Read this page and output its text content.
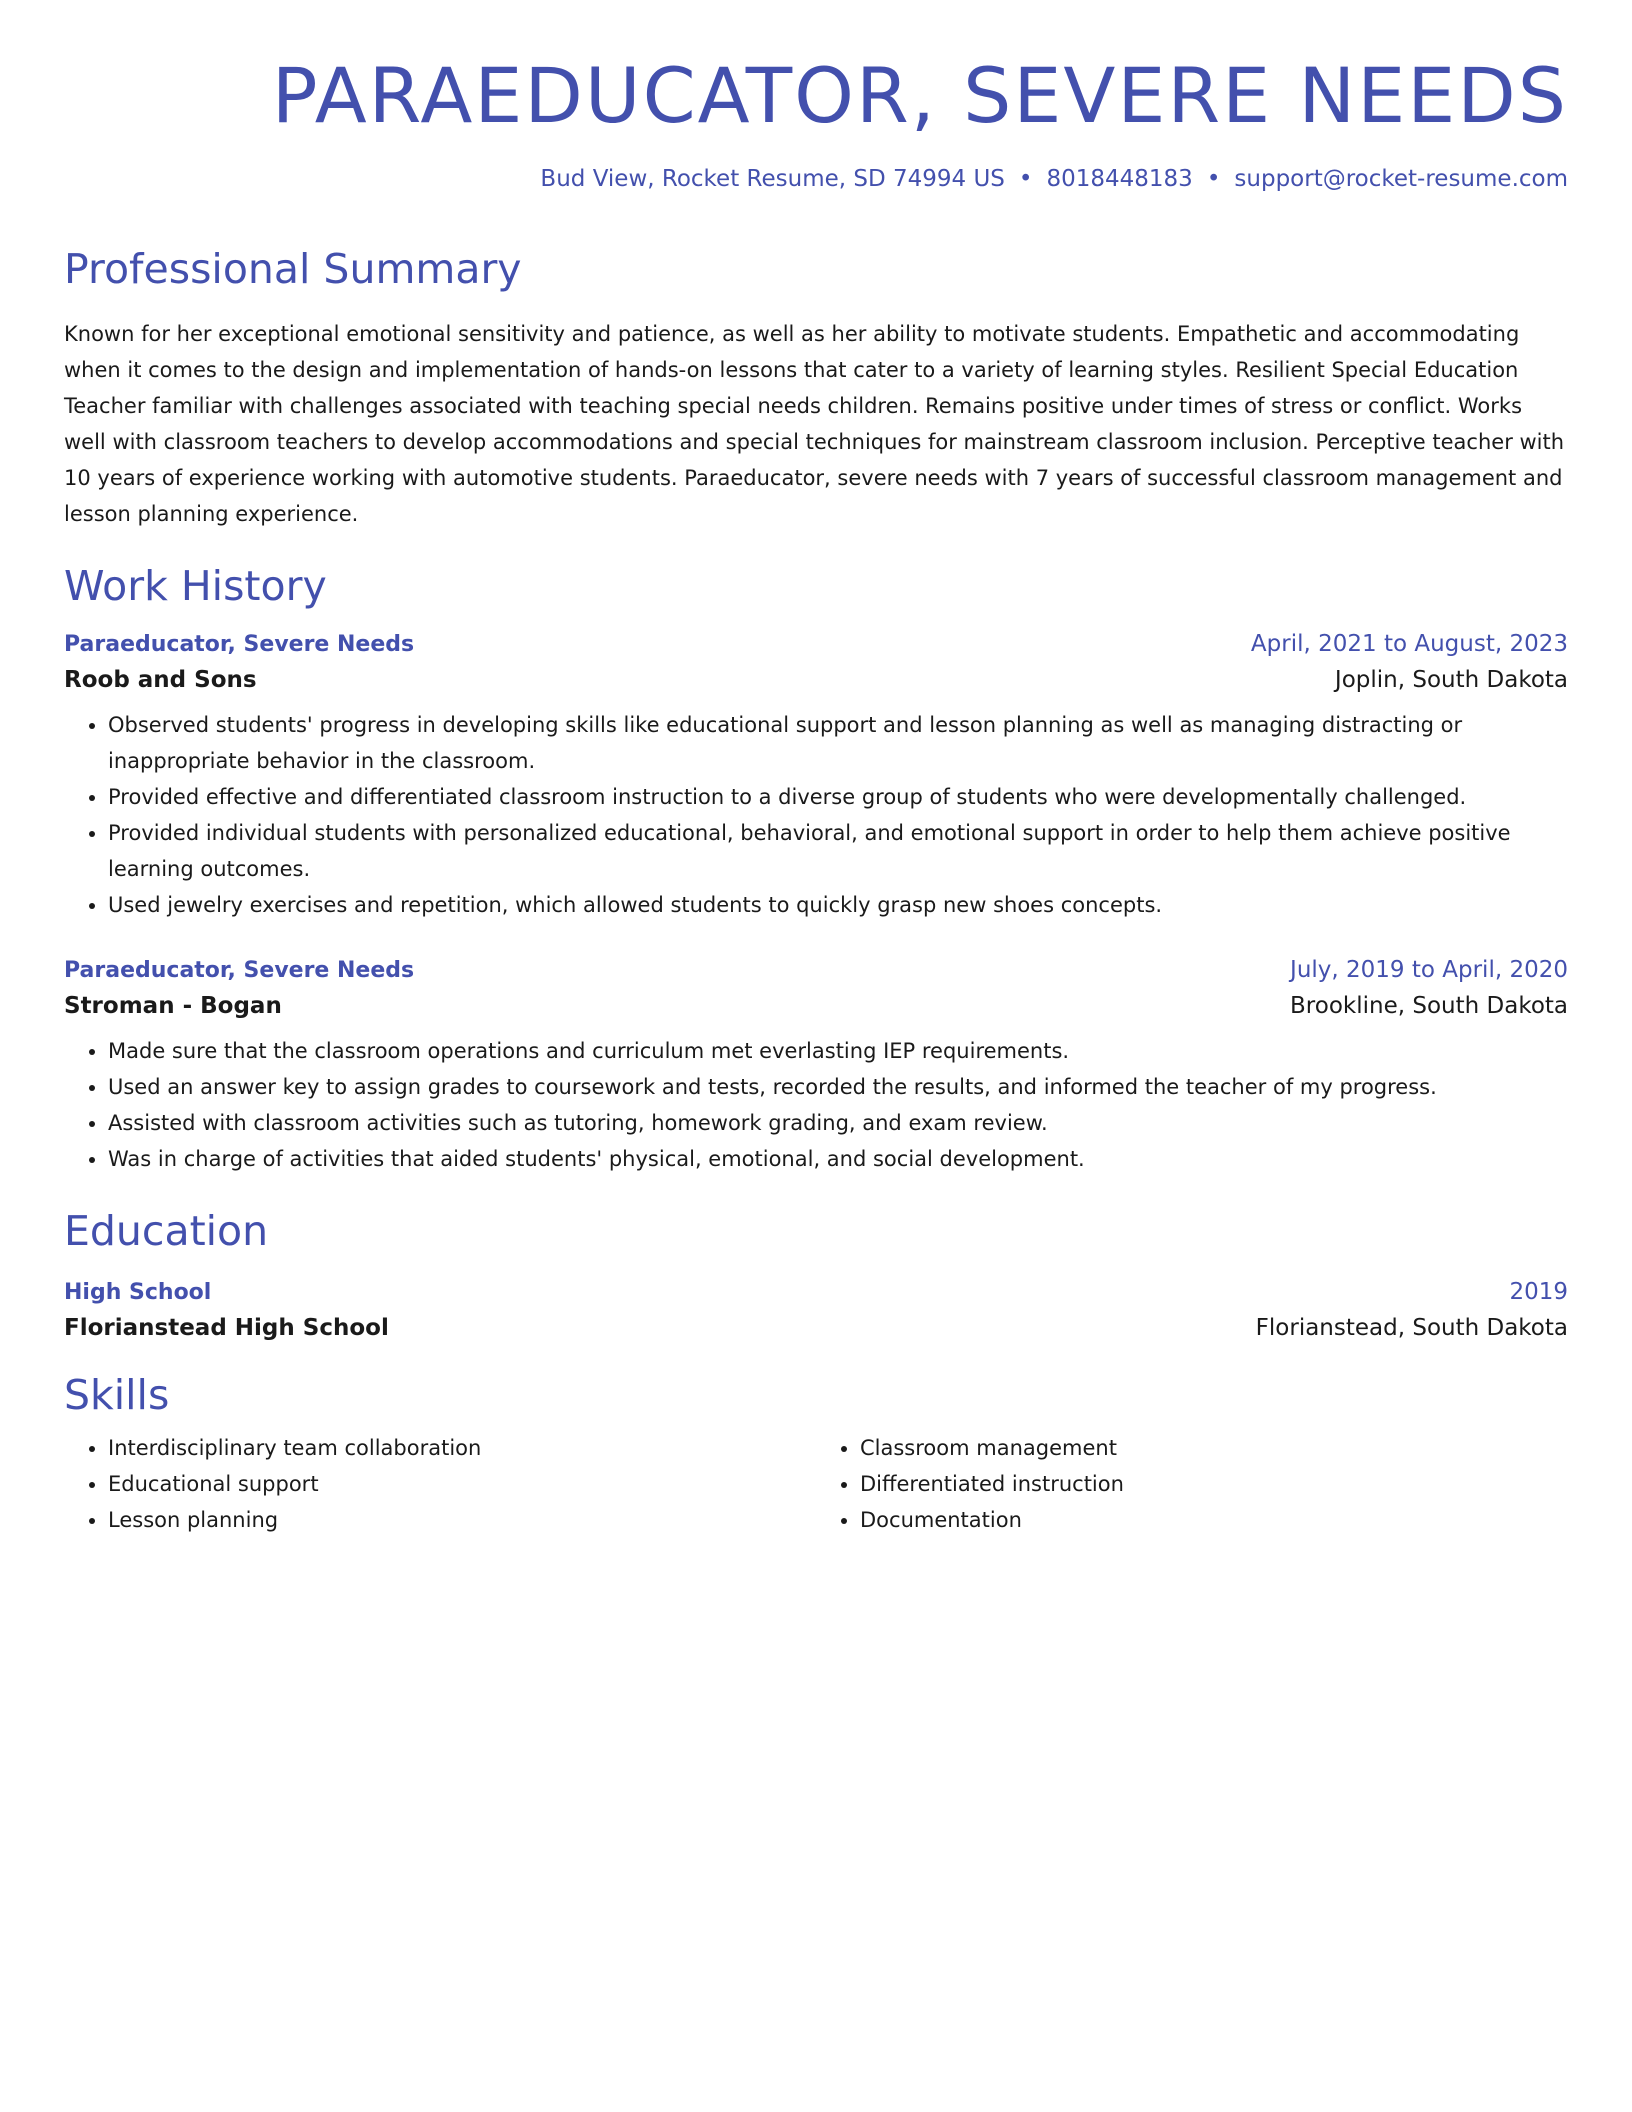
PARAEDUCATOR, SEVERE NEEDS
Bud View, Rocket Resume, SD 74994 US • 8018448183 • support@rocket-resume.com
Professional Summary

Known for her exceptional emotional sensitivity and patience, as well as her ability to motivate students. Empathetic and accommodating when it comes to the design and implementation of hands-on lessons that cater to a variety of learning styles. Resilient Special Education Teacher familiar with challenges associated with teaching special needs children. Remains positive under times of stress or conflict. Works well with classroom teachers to develop accommodations and special techniques for mainstream classroom inclusion. Perceptive teacher with 10 years of experience working with automotive students. Paraeducator, severe needs with 7 years of successful classroom management and lesson planning experience.

Work History
Paraeducator, Severe Needs	April, 2021 to August, 2023
Roob and Sons	Joplin, South Dakota
• Observed students' progress in developing skills like educational support and lesson planning as well as managing distracting or inappropriate behavior in the classroom.
• Provided effective and differentiated classroom instruction to a diverse group of students who were developmentally challenged.
• Provided individual students with personalized educational, behavioral, and emotional support in order to help them achieve positive learning outcomes.
• Used jewelry exercises and repetition, which allowed students to quickly grasp new shoes concepts.
Paraeducator, Severe Needs	July, 2019 to April, 2020
Stroman - Bogan	Brookline, South Dakota
• Made sure that the classroom operations and curriculum met everlasting IEP requirements.
• Used an answer key to assign grades to coursework and tests, recorded the results, and informed the teacher of my progress.
• Assisted with classroom activities such as tutoring, homework grading, and exam review.
• Was in charge of activities that aided students' physical, emotional, and social development.
Education
High School	2019
Florianstead High School	Florianstead, South Dakota
Skills
• Interdisciplinary team collaboration
• Educational support
• Lesson planning
• Classroom management
• Differentiated instruction
• Documentation
